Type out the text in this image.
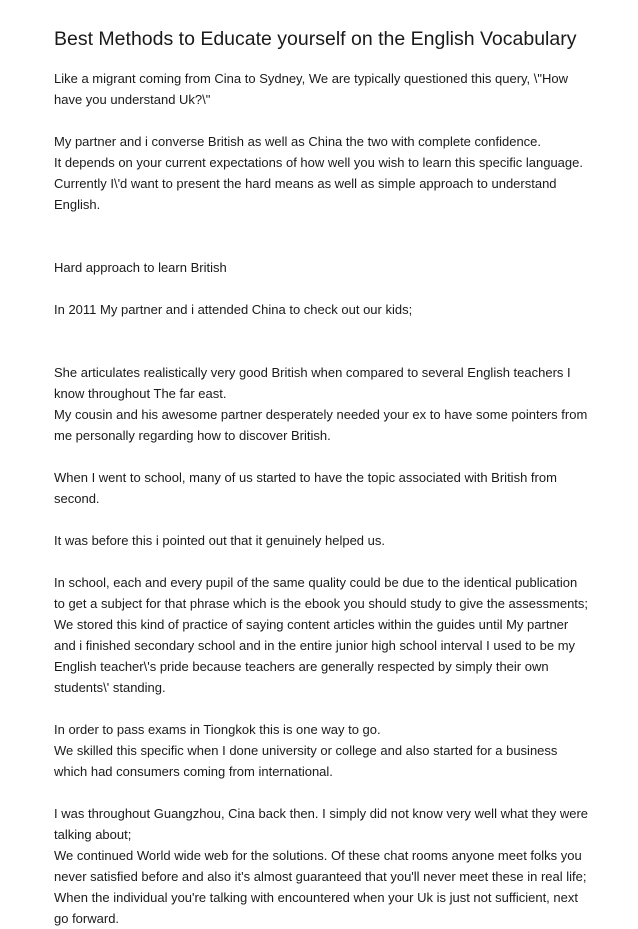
Best Methods to Educate yourself on the English Vocabulary
Like a migrant coming from Cina to Sydney, We are typically questioned this query, \"How
have you understand Uk?\"
My partner and i converse British as well as China the two with complete confidence.
It depends on your current expectations of how well you wish to learn this specific language.
Currently I\'d want to present the hard means as well as simple approach to understand
English.
Hard approach to learn British
In 2011 My partner and i attended China to check out our kids;
She articulates realistically very good British when compared to several English teachers I
know throughout The far east.
My cousin and his awesome partner desperately needed your ex to have some pointers from
me personally regarding how to discover British.
When I went to school, many of us started to have the topic associated with British from
second.
It was before this i pointed out that it genuinely helped us.
In school, each and every pupil of the same quality could be due to the identical publication
to get a subject for that phrase which is the ebook you should study to give the assessments;
We stored this kind of practice of saying content articles within the guides until My partner
and i finished secondary school and in the entire junior high school interval I used to be my
English teacher\'s pride because teachers are generally respected by simply their own
students\' standing.
In order to pass exams in Tiongkok this is one way to go.
We skilled this specific when I done university or college and also started for a business
which had consumers coming from international.
I was throughout Guangzhou, Cina back then. I simply did not know very well what they were
talking about;
We continued World wide web for the solutions. Of these chat rooms anyone meet folks you
never satisfied before and also it's almost guaranteed that you'll never meet these in real life;
When the individual you're talking with encountered when your Uk is just not sufficient, next
go forward.
